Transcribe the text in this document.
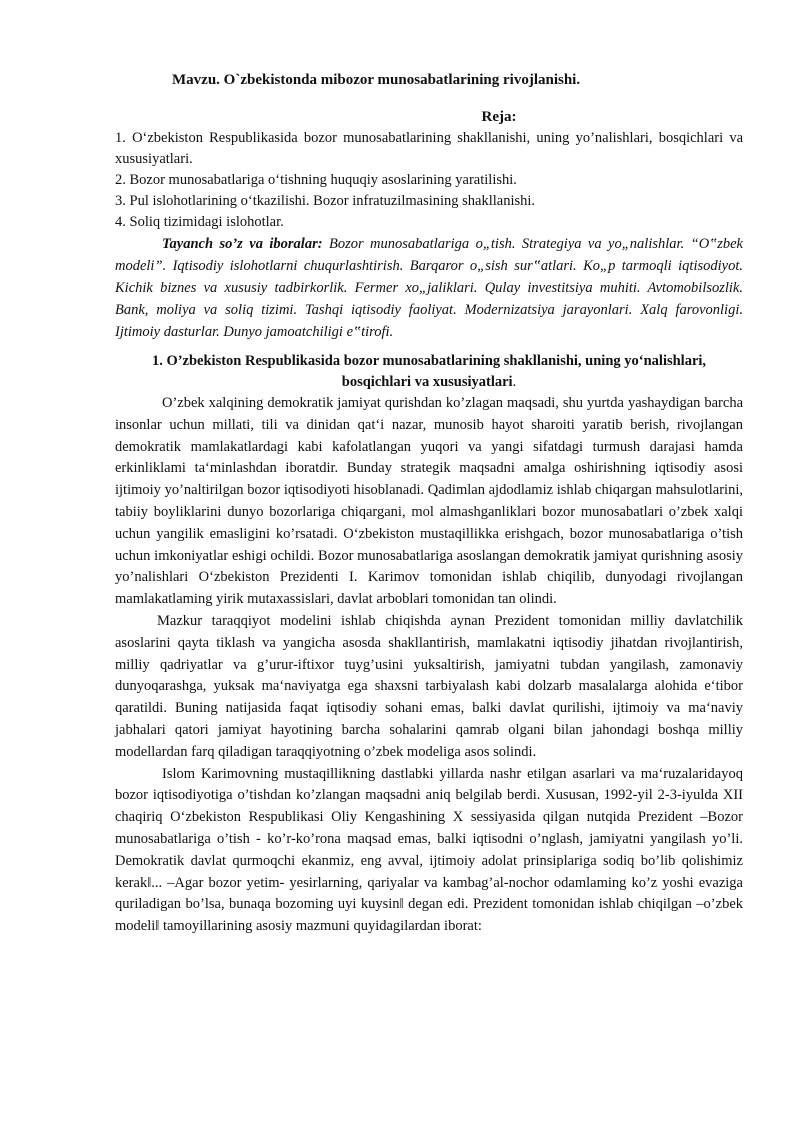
Mavzu. O`zbekistonda mibozor munosabatlarining rivojlanishi.

Reja:

1. O‘zbekiston Respublikasida bozor munosabatlarining shakllanishi, uning yo’nalishlari, bosqichlari va xususiyatlari.
2. Bozor munosabatlariga o‘tishning huquqiy asoslarining yaratilishi.
3. Pul islohotlarining o‘tkazilishi. Bozor infratuzilmasining shakllanishi.
4. Soliq tizimidagi islohotlar.

Tayanch so’z va iboralar: Bozor munosabatlariga o„tish. Strategiya va yo„nalishlar. “O‟zbek modeli”. Iqtisodiy islohotlarni chuqurlashtirish. Barqaror o„sish sur‟atlari. Ko„p tarmoqli iqtisodiyot. Kichik biznes va xususiy tadbirkorlik. Fermer xo„jaliklari. Qulay investitsiya muhiti. Avtomobilsozlik. Bank, moliya va soliq tizimi. Tashqi iqtisodiy faoliyat. Modernizatsiya jarayonlari. Xalq farovonligi. Ijtimoiy dasturlar. Dunyo jamoatchiligi e‟tirofi.

1. O’zbekiston Respublikasida bozor munosabatlarining shakllanishi, uning yo‘nalishlari,
bosqichlari va xususiyatlari.

O’zbek xalqining demokratik jamiyat qurishdan ko’zlagan maqsadi, shu yurtda yashaydigan barcha insonlar uchun millati, tili va dinidan qat‘i nazar, munosib hayot sharoiti yaratib berish, rivojlangan demokratik mamlakatlardagi kabi kafolatlangan yuqori va yangi sifatdagi turmush darajasi hamda erkinliklami ta‘minlashdan iboratdir. Bunday strategik maqsadni amalga oshirishning iqtisodiy asosi ijtimoiy yo’naltirilgan bozor iqtisodiyoti hisoblanadi. Qadimlan ajdodlamiz ishlab chiqargan mahsulotlarini, tabiiy boyliklarini dunyo bozorlariga chiqargani, mol almashganliklari bozor munosabatlari o’zbek xalqi uchun yangilik emasligini ko’rsatadi. O‘zbekiston mustaqillikka erishgach, bozor munosabatlariga o’tish uchun imkoniyatlar eshigi ochildi. Bozor munosabatlariga asoslangan demokratik jamiyat qurishning asosiy yo’nalishlari O‘zbekiston Prezidenti I. Karimov tomonidan ishlab chiqilib, dunyodagi rivojlangan mamlakatlaming yirik mutaxassislari, davlat arboblari tomonidan tan olindi.

Mazkur taraqqiyot modelini ishlab chiqishda aynan Prezident tomonidan milliy davlatchilik asoslarini qayta tiklash va yangicha asosda shakllantirish, mamlakatni iqtisodiy jihatdan rivojlantirish, milliy qadriyatlar va g’urur-iftixor tuyg’usini yuksaltirish, jamiyatni tubdan yangilash, zamonaviy dunyoqarashga, yuksak ma‘naviyatga ega shaxsni tarbiyalash kabi dolzarb masalalarga alohida e‘tibor qaratildi. Buning natijasida faqat iqtisodiy sohani emas, balki davlat qurilishi, ijtimoiy va ma‘naviy jabhalari qatori jamiyat hayotining barcha sohalarini qamrab olgani bilan jahondagi boshqa milliy modellardan farq qiladigan taraqqiyotning o’zbek modeliga asos solindi.

Islom Karimovning mustaqillikning dastlabki yillarda nashr etilgan asarlari va ma‘ruzalaridayoq bozor iqtisodiyotiga o’tishdan ko’zlangan maqsadni aniq belgilab berdi. Xususan, 1992-yil 2-3-iyulda XII chaqiriq O‘zbekiston Respublikasi Oliy Kengashining X sessiyasida qilgan nutqida Prezident –Bozor munosabatlariga o’tish - ko’r-ko’rona maqsad emas, balki iqtisodni o’nglash, jamiyatni yangilash yo’li. Demokratik davlat qurmoqchi ekanmiz, eng avval, ijtimoiy adolat prinsiplariga sodiq bo’lib qolishimiz kerak‖... –Agar bozor yetim- yesirlarning, qariyalar va kambag’al-nochor odamlaming ko’z yoshi evaziga quriladigan bo’lsa, bunaqa bozoming uyi kuysin‖ degan edi. Prezident tomonidan ishlab chiqilgan –o’zbek modeli‖ tamoyillarining asosiy mazmuni quyidagilardan iborat:
